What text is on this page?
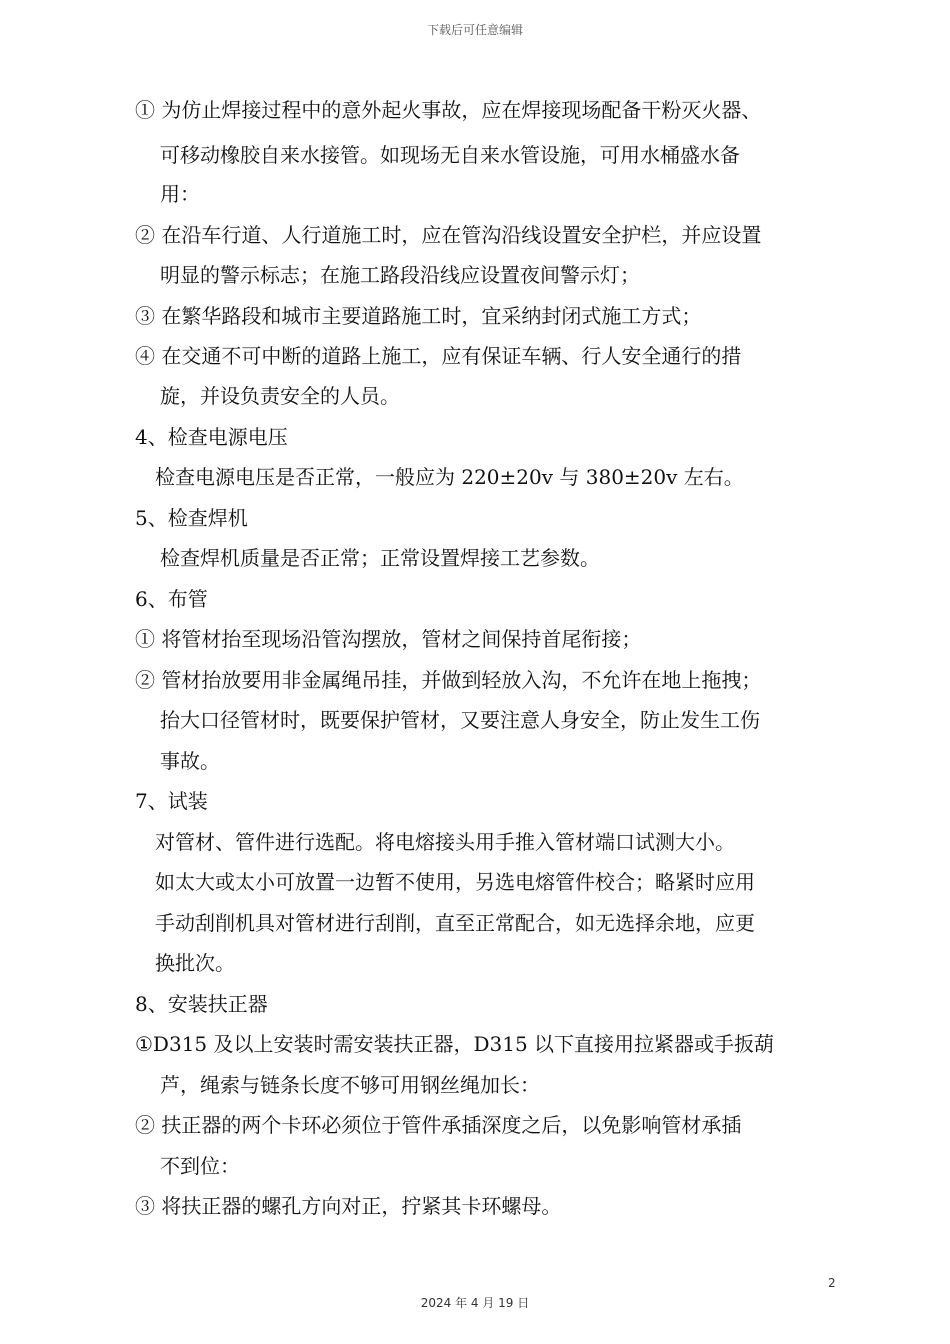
下载后可任意编辑
① 为仿止焊接过程中的意外起火事故，应在焊接现场配备干粉灭火器、
可移动橡胶自来水接管。如现场无自来水管设施，可用水桶盛水备
用：
② 在沿车行道、人行道施工时，应在管沟沿线设置安全护栏，并应设置
明显的警示标志；在施工路段沿线应设置夜间警示灯；
③ 在繁华路段和城市主要道路施工时，宜采纳封闭式施工方式；
④ 在交通不可中断的道路上施工，应有保证车辆、行人安全通行的措
旋，并设负责安全的人员。
4、检查电源电压
检查电源电压是否正常，一般应为 220±20v 与 380±20v 左右。
5、检查焊机
检查焊机质量是否正常；正常设置焊接工艺参数。
6、布管
① 将管材抬至现场沿管沟摆放，管材之间保持首尾衔接；
② 管材抬放要用非金属绳吊挂，并做到轻放入沟，不允许在地上拖拽；
抬大口径管材时，既要保护管材，又要注意人身安全，防止发生工伤
事故。
7、试装
对管材、管件进行选配。将电熔接头用手推入管材端口试测大小。
如太大或太小可放置一边暂不使用，另选电熔管件校合；略紧时应用
手动刮削机具对管材进行刮削，直至正常配合，如无选择余地，应更
换批次。
8、安装扶正器
①D315 及以上安装时需安装扶正器，D315 以下直接用拉紧器或手扳葫
芦，绳索与链条长度不够可用钢丝绳加长：
② 扶正器的两个卡环必须位于管件承插深度之后，以免影响管材承插
不到位：
③ 将扶正器的螺孔方向对正，拧紧其卡环螺母。
2
2024 年 4 月 19 日
